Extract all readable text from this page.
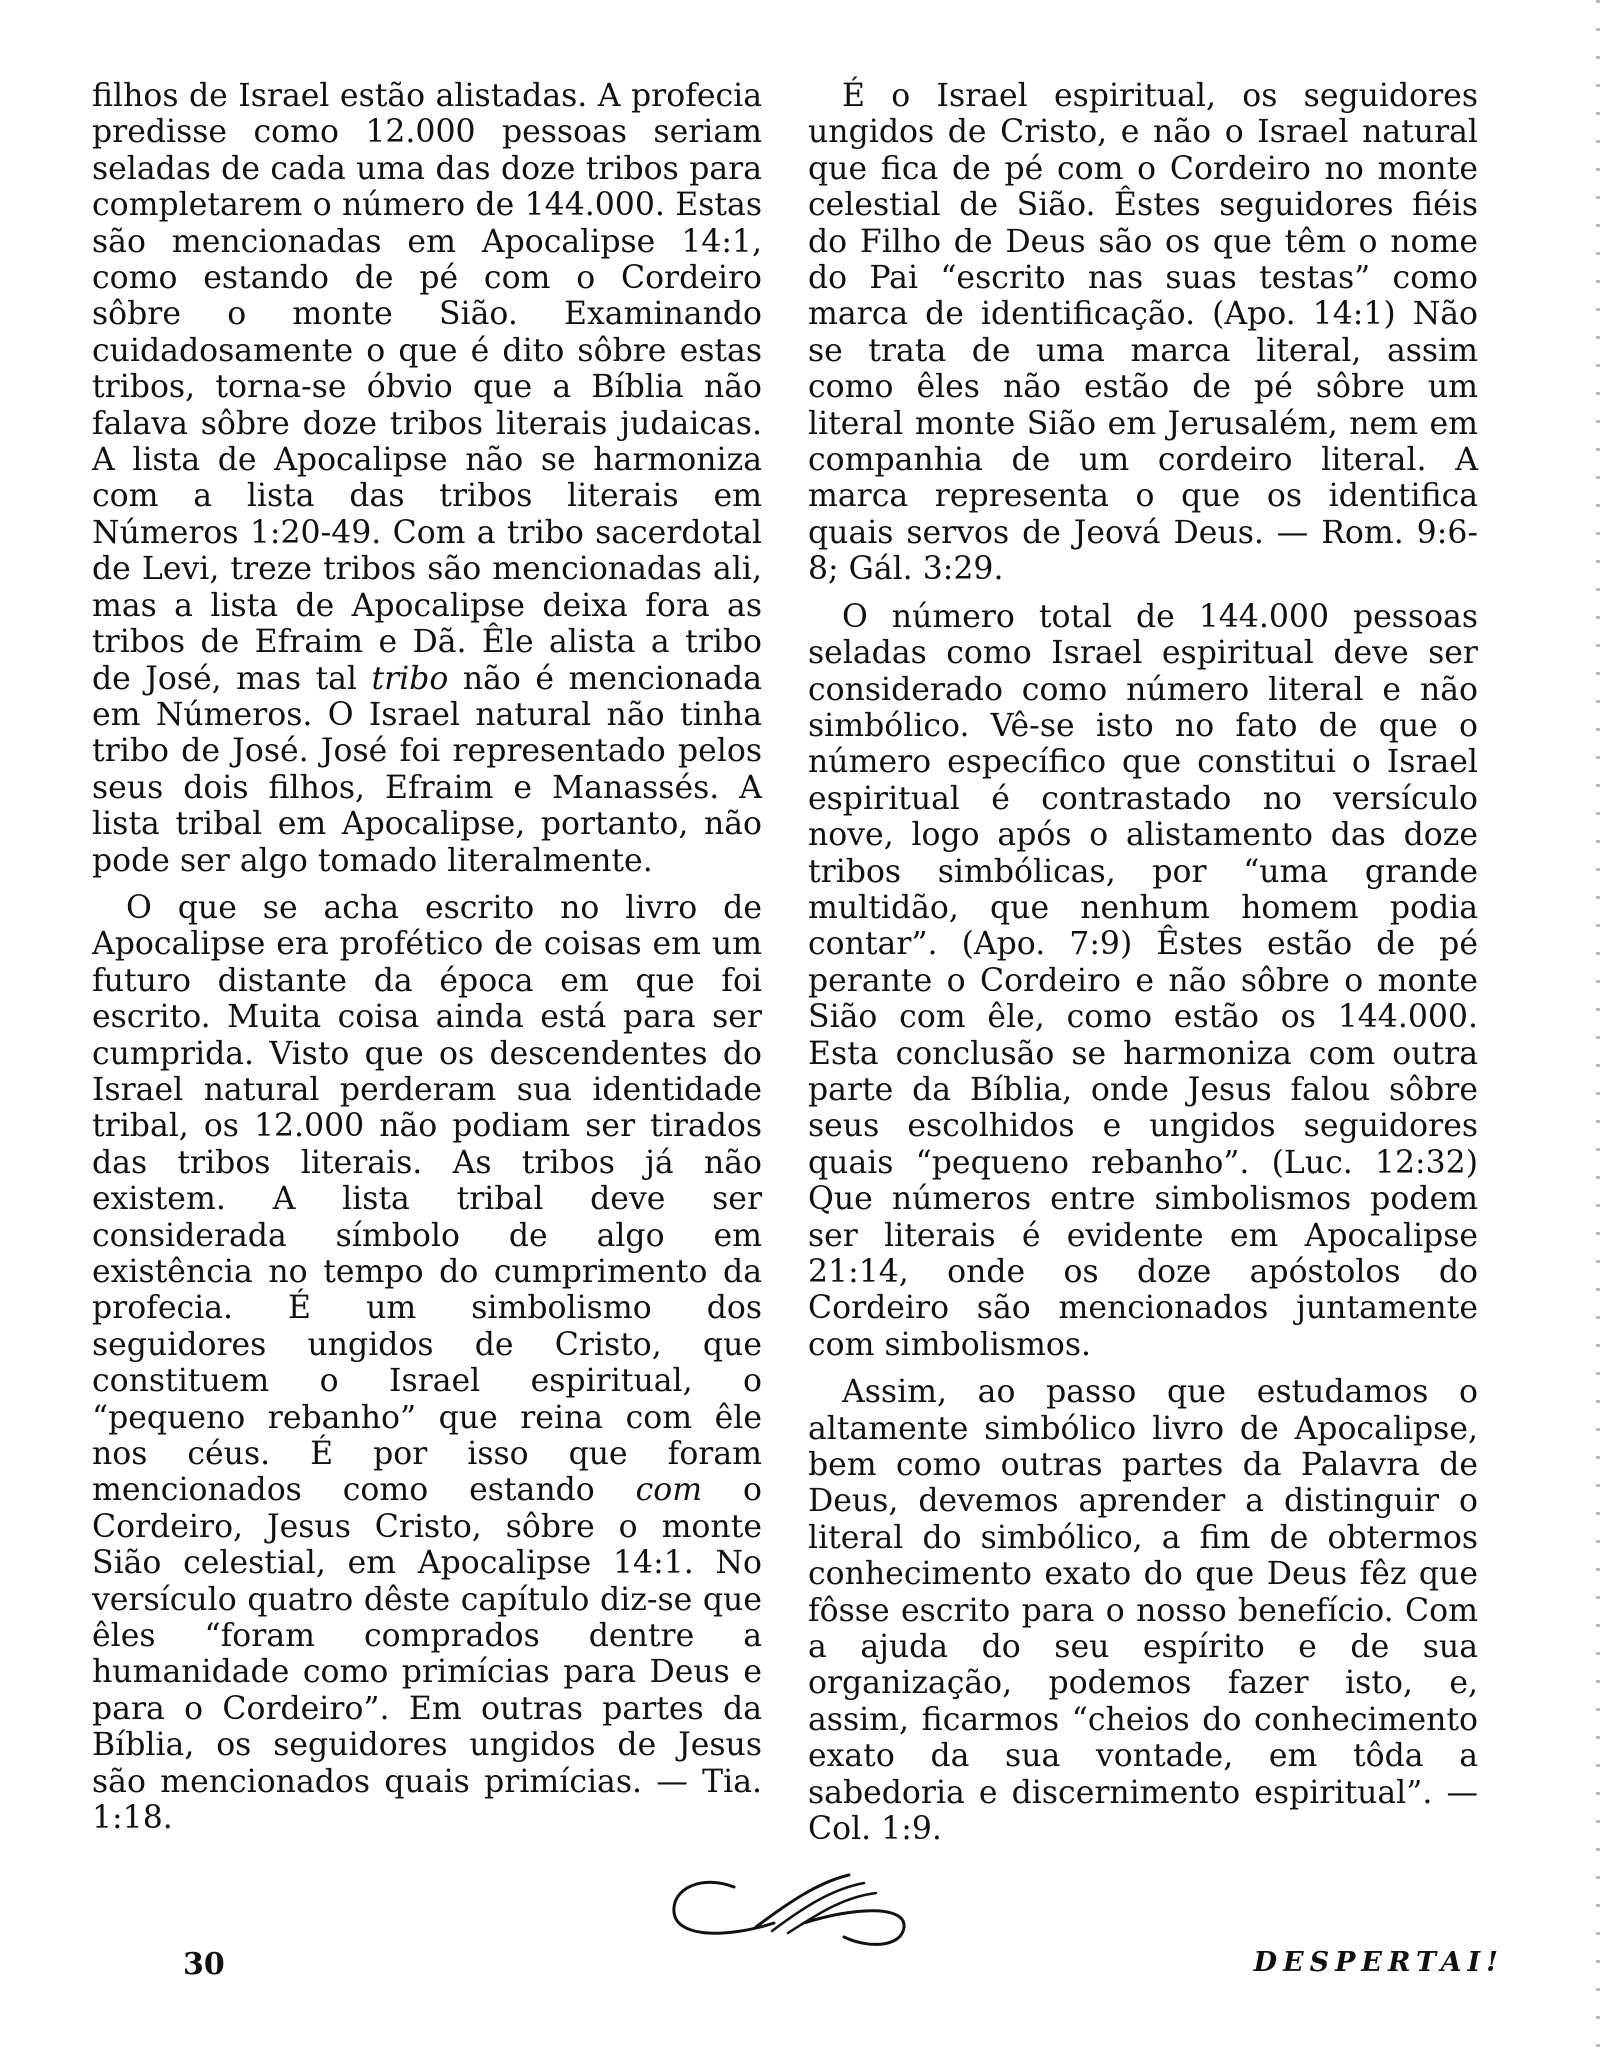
filhos de Israel estão alistadas. A profecia predisse como 12.000 pessoas seriam seladas de cada uma das doze tribos para completarem o número de 144.000. Estas são mencionadas em Apocalipse 14:1, como estando de pé com o Cordeiro sôbre o monte Sião. Examinando cuidadosamente o que é dito sôbre estas tribos, torna-se óbvio que a Bíblia não falava sôbre doze tribos literais judaicas. A lista de Apocalipse não se harmoniza com a lista das tribos literais em Números 1:20-49. Com a tribo sacerdotal de Levi, treze tribos são mencionadas ali, mas a lista de Apocalipse deixa fora as tribos de Efraim e Dã. Êle alista a tribo de José, mas tal tribo não é mencionada em Números. O Israel natural não tinha tribo de José. José foi representado pelos seus dois filhos, Efraim e Manassés. A lista tribal em Apocalipse, portanto, não pode ser algo tomado literalmente.

O que se acha escrito no livro de Apocalipse era profético de coisas em um futuro distante da época em que foi escrito. Muita coisa ainda está para ser cumprida. Visto que os descendentes do Israel natural perderam sua identidade tribal, os 12.000 não podiam ser tirados das tribos literais. As tribos já não existem. A lista tribal deve ser considerada símbolo de algo em existência no tempo do cumprimento da profecia. É um simbolismo dos seguidores ungidos de Cristo, que constituem o Israel espiritual, o “pequeno rebanho” que reina com êle nos céus. É por isso que foram mencionados como estando com o Cordeiro, Jesus Cristo, sôbre o monte Sião celestial, em Apocalipse 14:1. No versículo quatro dêste capítulo diz-se que êles “foram comprados dentre a humanidade como primícias para Deus e para o Cordeiro”. Em outras partes da Bíblia, os seguidores ungidos de Jesus são mencionados quais primícias. — Tia. 1:18.

É o Israel espiritual, os seguidores ungidos de Cristo, e não o Israel natural que fica de pé com o Cordeiro no monte celestial de Sião. Êstes seguidores fiéis do Filho de Deus são os que têm o nome do Pai “escrito nas suas testas” como marca de identificação. (Apo. 14:1) Não se trata de uma marca literal, assim como êles não estão de pé sôbre um literal monte Sião em Jerusalém, nem em companhia de um cordeiro literal. A marca representa o que os identifica quais servos de Jeová Deus. — Rom. 9:6-8; Gál. 3:29.

O número total de 144.000 pessoas seladas como Israel espiritual deve ser considerado como número literal e não simbólico. Vê-se isto no fato de que o número específico que constitui o Israel espiritual é contrastado no versículo nove, logo após o alistamento das doze tribos simbólicas, por “uma grande multidão, que nenhum homem podia contar”. (Apo. 7:9) Êstes estão de pé perante o Cordeiro e não sôbre o monte Sião com êle, como estão os 144.000. Esta conclusão se harmoniza com outra parte da Bíblia, onde Jesus falou sôbre seus escolhidos e ungidos seguidores quais “pequeno rebanho”. (Luc. 12:32) Que números entre simbolismos podem ser literais é evidente em Apocalipse 21:14, onde os doze apóstolos do Cordeiro são mencionados juntamente com simbolismos.

Assim, ao passo que estudamos o altamente simbólico livro de Apocalipse, bem como outras partes da Palavra de Deus, devemos aprender a distinguir o literal do simbólico, a fim de obtermos conhecimento exato do que Deus fêz que fôsse escrito para o nosso benefício. Com a ajuda do seu espírito e de sua organização, podemos fazer isto, e, assim, ficarmos “cheios do conhecimento exato da sua vontade, em tôda a sabedoria e discernimento espiritual”. — Col. 1:9.

30	DESPERTAI!
